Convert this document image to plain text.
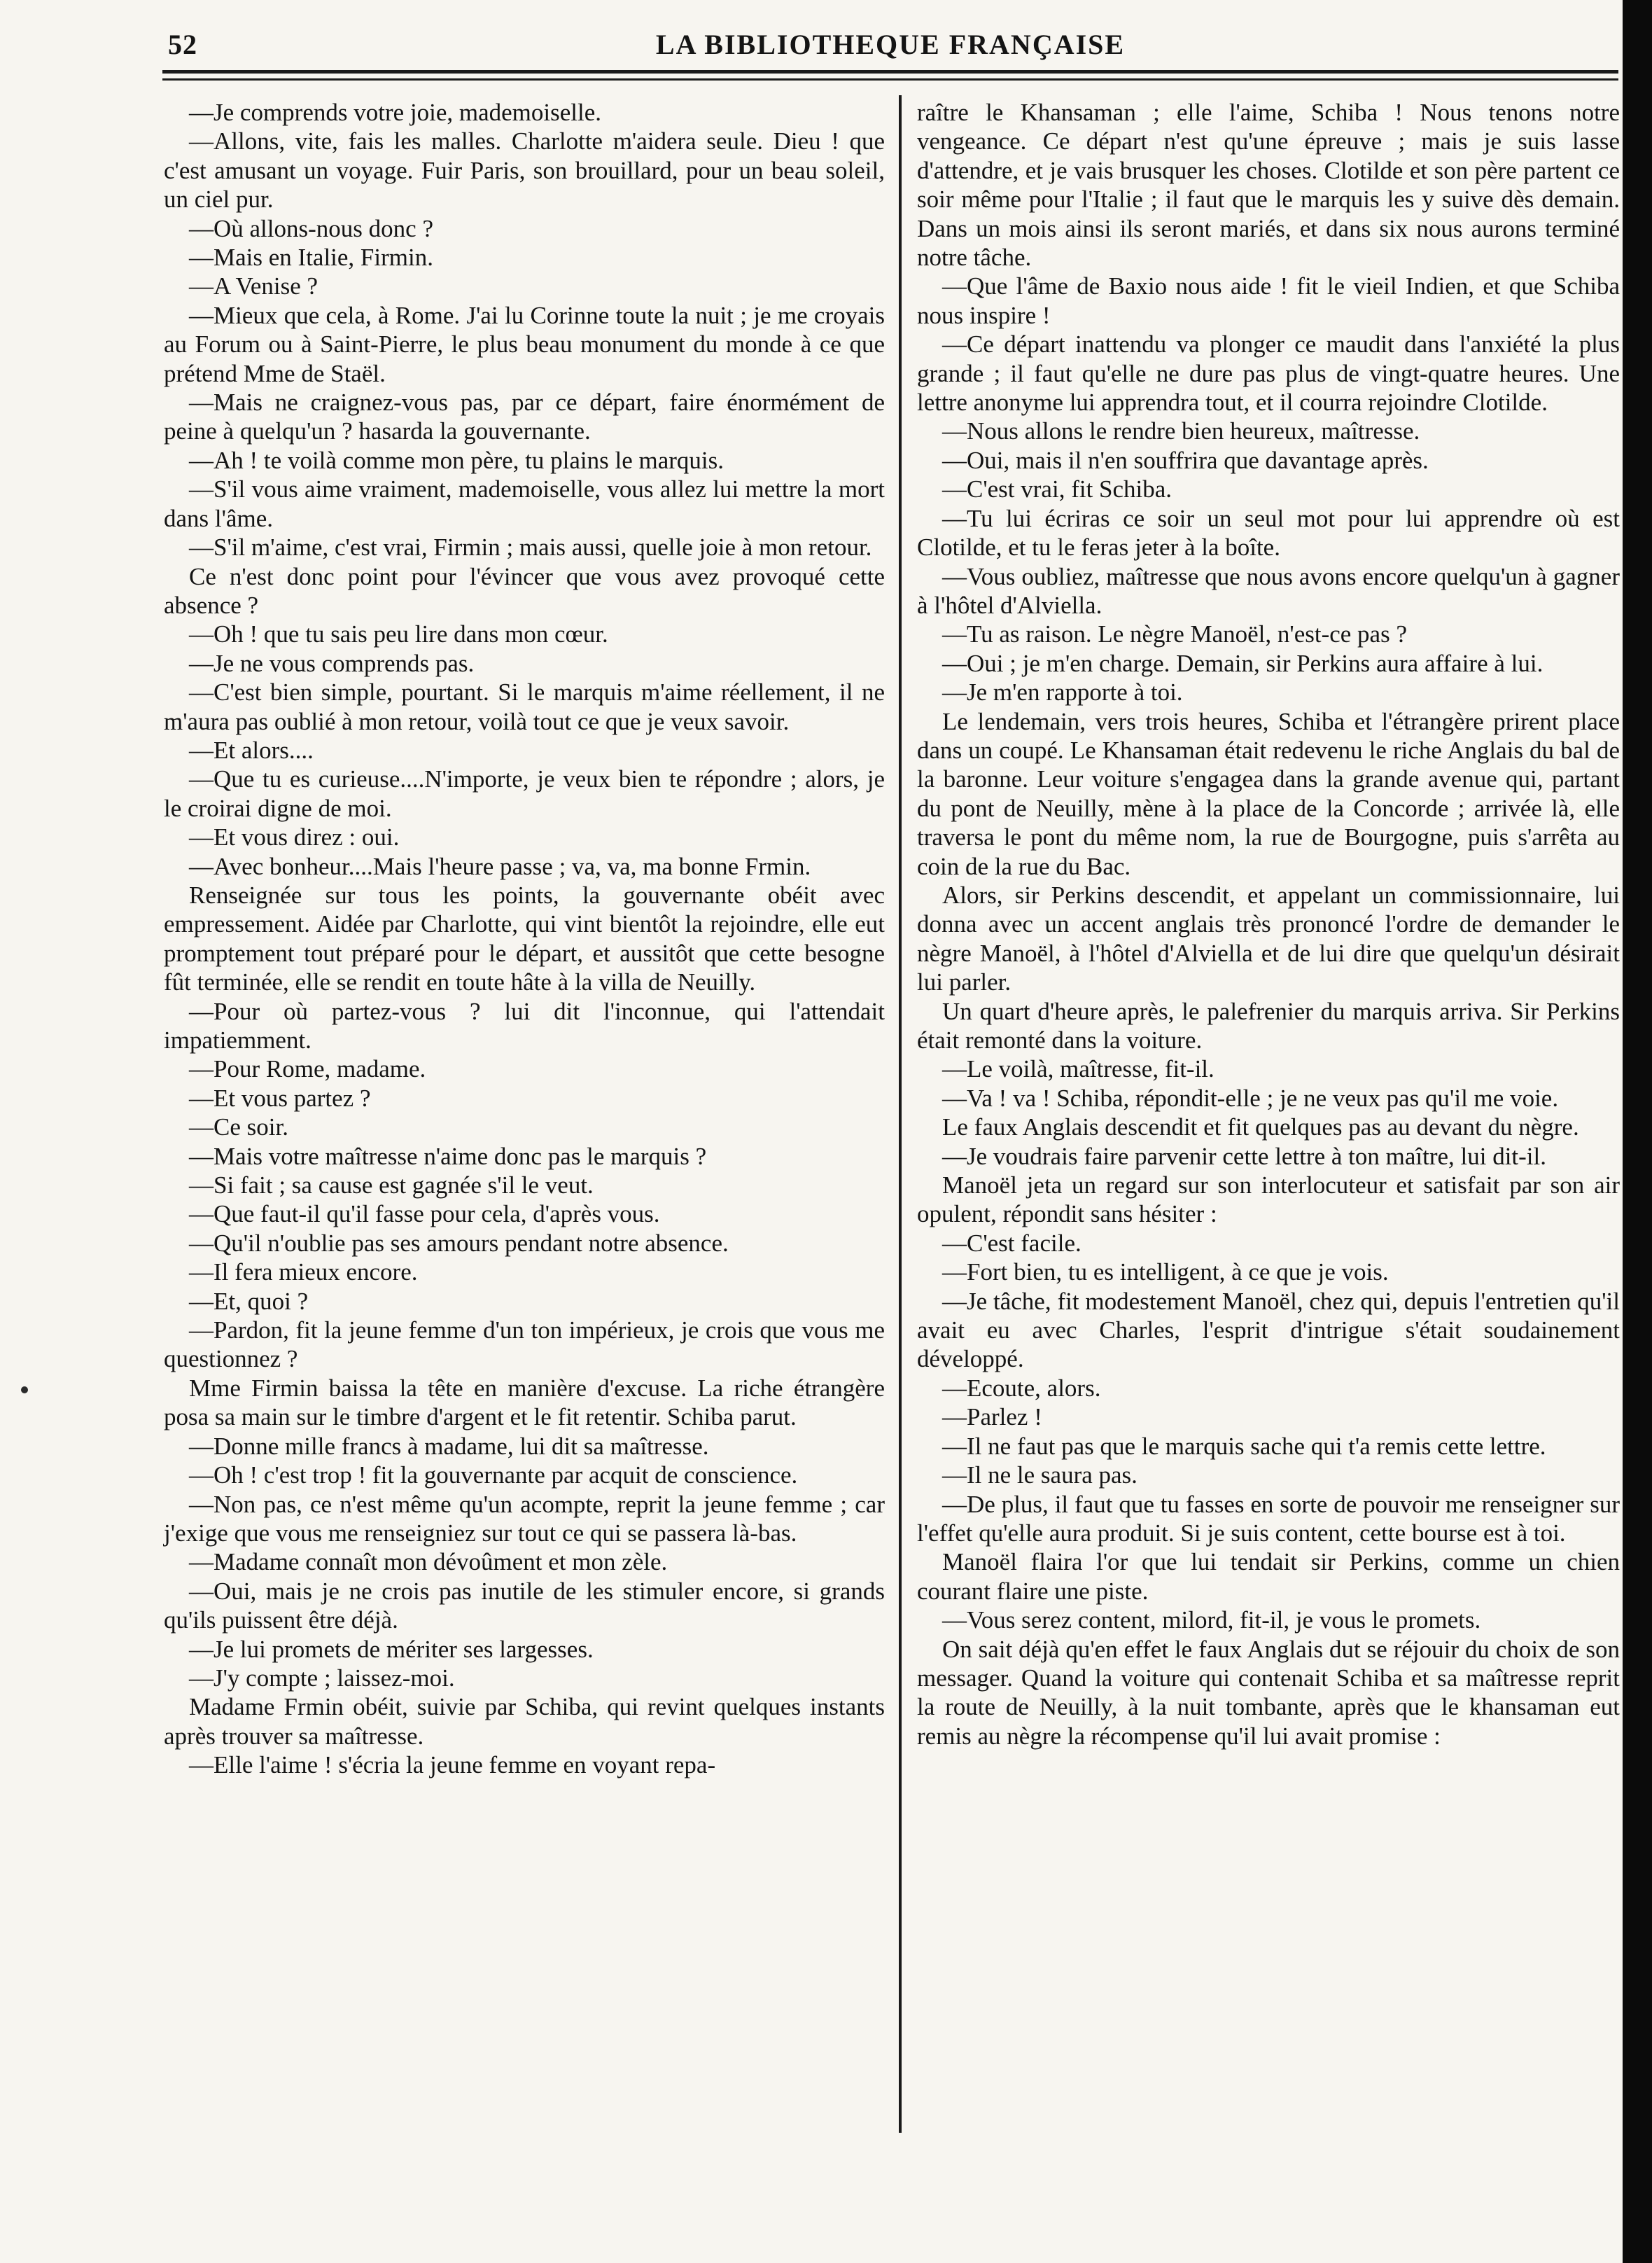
52	LA BIBLIOTHEQUE FRANÇAISE

—Je comprends votre joie, mademoiselle.

—Allons, vite, fais les malles. Charlotte m'aidera seule. Dieu ! que c'est amusant un voyage. Fuir Paris, son brouillard, pour un beau soleil, un ciel pur.

—Où allons-nous donc ?

—Mais en Italie, Firmin.

—A Venise ?

—Mieux que cela, à Rome. J'ai lu Corinne toute la nuit ; je me croyais au Forum ou à Saint-Pierre, le plus beau monument du monde à ce que prétend Mme de Staël.

—Mais ne craignez-vous pas, par ce départ, faire énormément de peine à quelqu'un ? hasarda la gouvernante.

—Ah ! te voilà comme mon père, tu plains le marquis.

—S'il vous aime vraiment, mademoiselle, vous allez lui mettre la mort dans l'âme.

—S'il m'aime, c'est vrai, Firmin ; mais aussi, quelle joie à mon retour.

Ce n'est donc point pour l'évincer que vous avez provoqué cette absence ?

—Oh ! que tu sais peu lire dans mon cœur.

—Je ne vous comprends pas.

—C'est bien simple, pourtant. Si le marquis m'aime réellement, il ne m'aura pas oublié à mon retour, voilà tout ce que je veux savoir.

—Et alors....

—Que tu es curieuse....N'importe, je veux bien te répondre ; alors, je le croirai digne de moi.

—Et vous direz : oui.

—Avec bonheur....Mais l'heure passe ; va, va, ma bonne Frmin.

Renseignée sur tous les points, la gouvernante obéit avec empressement. Aidée par Charlotte, qui vint bientôt la rejoindre, elle eut promptement tout préparé pour le départ, et aussitôt que cette besogne fût terminée, elle se rendit en toute hâte à la villa de Neuilly.

—Pour où partez-vous ? lui dit l'inconnue, qui l'attendait impatiemment.

—Pour Rome, madame.

—Et vous partez ?

—Ce soir.

—Mais votre maîtresse n'aime donc pas le marquis ?

—Si fait ; sa cause est gagnée s'il le veut.

—Que faut-il qu'il fasse pour cela, d'après vous.

—Qu'il n'oublie pas ses amours pendant notre absence.

—Il fera mieux encore.

—Et, quoi ?

—Pardon, fit la jeune femme d'un ton impérieux, je crois que vous me questionnez ?

Mme Firmin baissa la tête en manière d'excuse. La riche étrangère posa sa main sur le timbre d'argent et le fit retentir. Schiba parut.

—Donne mille francs à madame, lui dit sa maîtresse.

—Oh ! c'est trop ! fit la gouvernante par acquit de conscience.

—Non pas, ce n'est même qu'un acompte, reprit la jeune femme ; car j'exige que vous me renseigniez sur tout ce qui se passera là-bas.

—Madame connaît mon dévoûment et mon zèle.

—Oui, mais je ne crois pas inutile de les stimuler encore, si grands qu'ils puissent être déjà.

—Je lui promets de mériter ses largesses.

—J'y compte ; laissez-moi.

Madame Frmin obéit, suivie par Schiba, qui revint quelques instants après trouver sa maîtresse.

—Elle l'aime ! s'écria la jeune femme en voyant repa-

raître le Khansaman ; elle l'aime, Schiba ! Nous tenons notre vengeance. Ce départ n'est qu'une épreuve ; mais je suis lasse d'attendre, et je vais brusquer les choses. Clotilde et son père partent ce soir même pour l'Italie ; il faut que le marquis les y suive dès demain. Dans un mois ainsi ils seront mariés, et dans six nous aurons terminé notre tâche.

—Que l'âme de Baxio nous aide ! fit le vieil Indien, et que Schiba nous inspire !

—Ce départ inattendu va plonger ce maudit dans l'anxiété la plus grande ; il faut qu'elle ne dure pas plus de vingt-quatre heures. Une lettre anonyme lui apprendra tout, et il courra rejoindre Clotilde.

—Nous allons le rendre bien heureux, maîtresse.

—Oui, mais il n'en souffrira que davantage après.

—C'est vrai, fit Schiba.

—Tu lui écriras ce soir un seul mot pour lui apprendre où est Clotilde, et tu le feras jeter à la boîte.

—Vous oubliez, maîtresse que nous avons encore quelqu'un à gagner à l'hôtel d'Alviella.

—Tu as raison. Le nègre Manoël, n'est-ce pas ?

—Oui ; je m'en charge. Demain, sir Perkins aura affaire à lui.

—Je m'en rapporte à toi.

Le lendemain, vers trois heures, Schiba et l'étrangère prirent place dans un coupé. Le Khansaman était redevenu le riche Anglais du bal de la baronne. Leur voiture s'engagea dans la grande avenue qui, partant du pont de Neuilly, mène à la place de la Concorde ; arrivée là, elle traversa le pont du même nom, la rue de Bourgogne, puis s'arrêta au coin de la rue du Bac.

Alors, sir Perkins descendit, et appelant un commissionnaire, lui donna avec un accent anglais très prononcé l'ordre de demander le nègre Manoël, à l'hôtel d'Alviella et de lui dire que quelqu'un désirait lui parler.

Un quart d'heure après, le palefrenier du marquis arriva. Sir Perkins était remonté dans la voiture.

—Le voilà, maîtresse, fit-il.

—Va ! va ! Schiba, répondit-elle ; je ne veux pas qu'il me voie.

Le faux Anglais descendit et fit quelques pas au devant du nègre.

—Je voudrais faire parvenir cette lettre à ton maître, lui dit-il.

Manoël jeta un regard sur son interlocuteur et satisfait par son air opulent, répondit sans hésiter :

—C'est facile.

—Fort bien, tu es intelligent, à ce que je vois.

—Je tâche, fit modestement Manoël, chez qui, depuis l'entretien qu'il avait eu avec Charles, l'esprit d'intrigue s'était soudainement développé.

—Ecoute, alors.

—Parlez !

—Il ne faut pas que le marquis sache qui t'a remis cette lettre.

—Il ne le saura pas.

—De plus, il faut que tu fasses en sorte de pouvoir me renseigner sur l'effet qu'elle aura produit. Si je suis content, cette bourse est à toi.

Manoël flaira l'or que lui tendait sir Perkins, comme un chien courant flaire une piste.

—Vous serez content, milord, fit-il, je vous le promets.

On sait déjà qu'en effet le faux Anglais dut se réjouir du choix de son messager. Quand la voiture qui contenait Schiba et sa maîtresse reprit la route de Neuilly, à la nuit tombante, après que le khansaman eut remis au nègre la récompense qu'il lui avait promise :
